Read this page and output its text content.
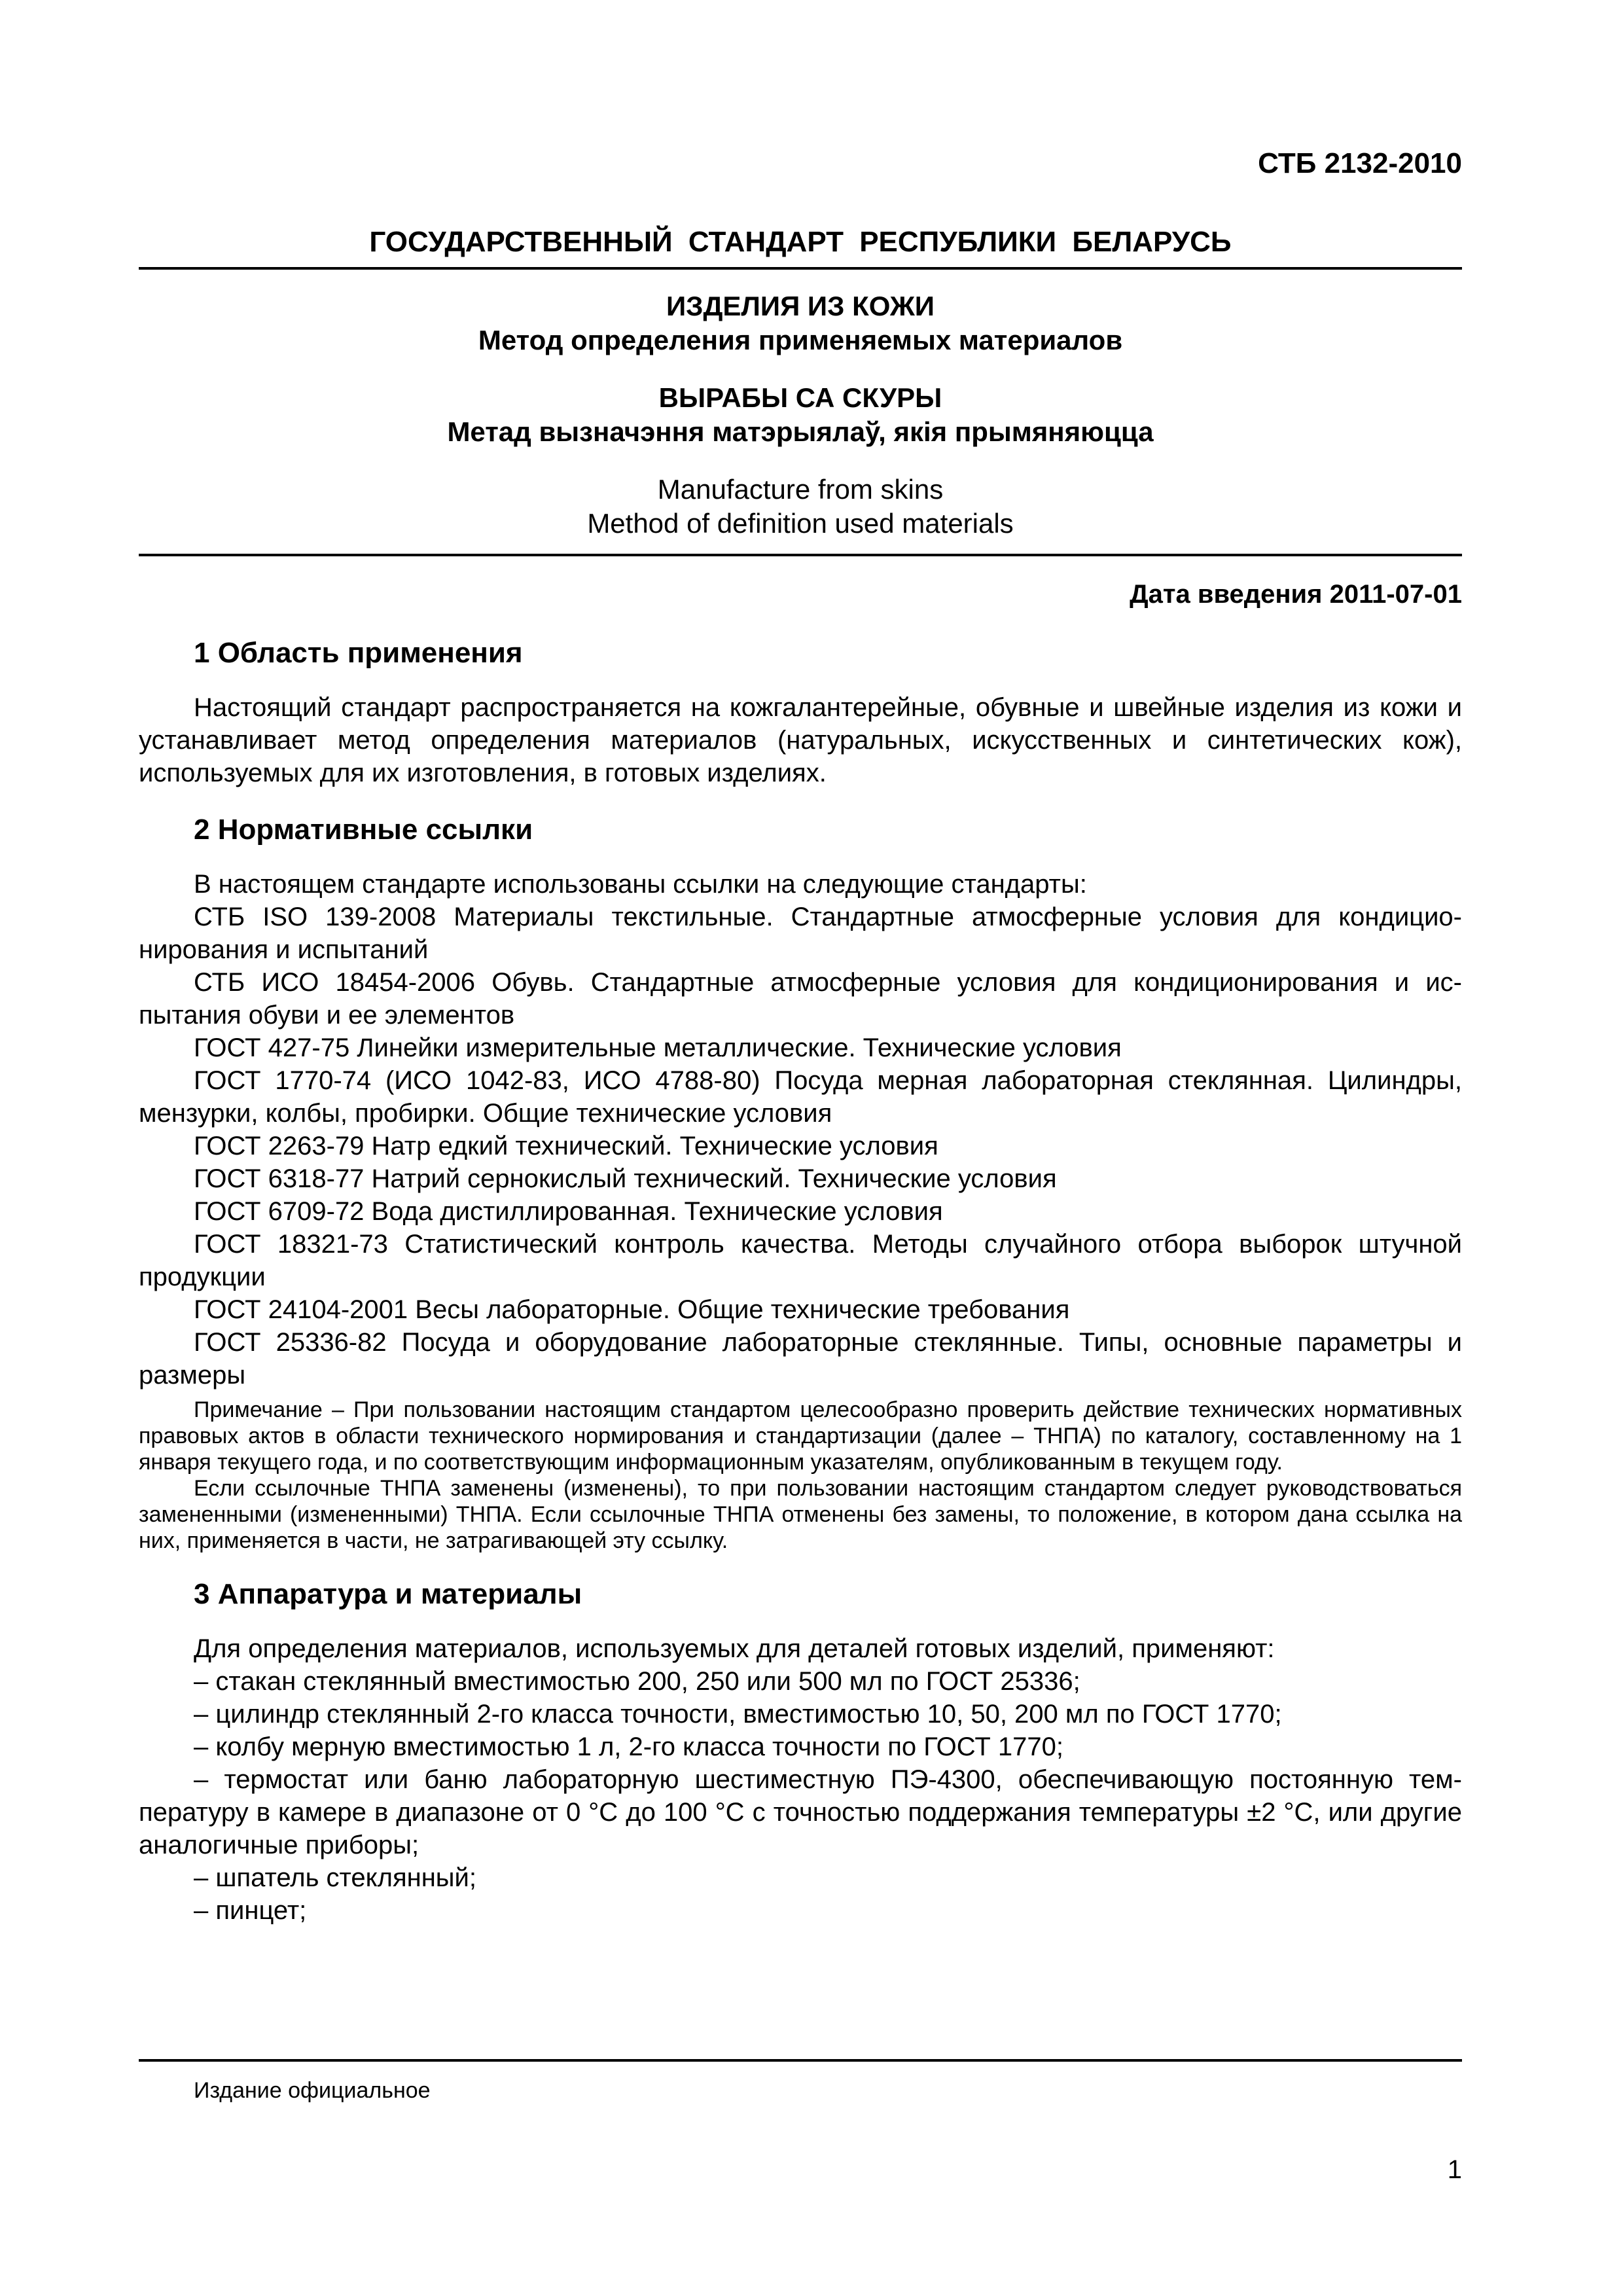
СТБ 2132-2010
ГОСУДАРСТВЕННЫЙ СТАНДАРТ РЕСПУБЛИКИ БЕЛАРУСЬ
ИЗДЕЛИЯ ИЗ КОЖИ
Метод определения применяемых материалов
ВЫРАБЫ СА СКУРЫ
Метад вызначэння матэрыялаў, якія прымяняюцца
Manufacture from skins
Method of definition used materials
Дата введения 2011-07-01
1 Область применения

Настоящий стандарт распространяется на кожгалантерейные, обувные и швейные изделия из кожи и устанавливает метод определения материалов (натуральных, искусственных и синтетических кож), используемых для их изготовления, в готовых изделиях.

2 Нормативные ссылки

В настоящем стандарте использованы ссылки на следующие стандарты:

СТБ ISO 139-2008 Материалы текстильные. Стандартные атмосферные условия для кондиционирования и испытаний

СТБ ИСО 18454-2006 Обувь. Стандартные атмосферные условия для кондиционирования и испытания обуви и ее элементов

ГОСТ 427-75 Линейки измерительные металлические. Технические условия

ГОСТ 1770-74 (ИСО 1042-83, ИСО 4788-80) Посуда мерная лабораторная стеклянная. Цилиндры, мензурки, колбы, пробирки. Общие технические условия

ГОСТ 2263-79 Натр едкий технический. Технические условия

ГОСТ 6318-77 Натрий сернокислый технический. Технические условия

ГОСТ 6709-72 Вода дистиллированная. Технические условия

ГОСТ 18321-73 Статистический контроль качества. Методы случайного отбора выборок штучной продукции

ГОСТ 24104-2001 Весы лабораторные. Общие технические требования

ГОСТ 25336-82 Посуда и оборудование лабораторные стеклянные. Типы, основные параметры и размеры

Примечание – При пользовании настоящим стандартом целесообразно проверить действие технических нормативных правовых актов в области технического нормирования и стандартизации (далее – ТНПА) по каталогу, составленному на 1 января текущего года, и по соответствующим информационным указателям, опубликованным в текущем году.

Если ссылочные ТНПА заменены (изменены), то при пользовании настоящим стандартом следует руководствоваться замененными (измененными) ТНПА. Если ссылочные ТНПА отменены без замены, то положение, в котором дана ссылка на них, применяется в части, не затрагивающей эту ссылку.

3 Аппаратура и материалы

Для определения материалов, используемых для деталей готовых изделий, применяют:

– стакан стеклянный вместимостью 200, 250 или 500 мл по ГОСТ 25336;

– цилиндр стеклянный 2-го класса точности, вместимостью 10, 50, 200 мл по ГОСТ 1770;

– колбу мерную вместимостью 1 л, 2-го класса точности по ГОСТ 1770;

– термостат или баню лабораторную шестиместную ПЭ-4300, обеспечивающую постоянную температуру в камере в диапазоне от 0 °С до 100 °С с точностью поддержания температуры ±2 °С, или другие аналогичные приборы;

– шпатель стеклянный;

– пинцет;

Издание официальное
1
